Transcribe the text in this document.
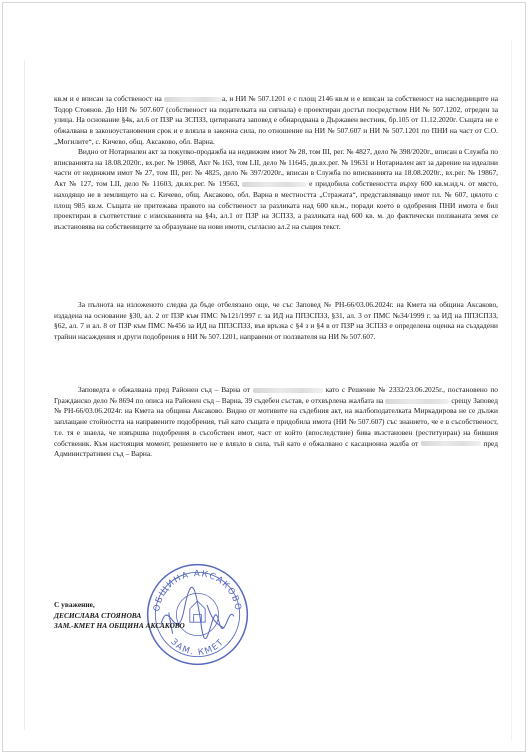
кв.м и е вписан за собственост на	а, и НИ № 507.1201 е с площ 2146 кв.м и е вписан за собственост на наследниците на Тодор Стоянов. До НИ № 507.607 (собственост на подателката на сигнала) е проектиран достъп посредством НИ № 507.1202, отреден за улица. На основание §4к, ал.6 от ПЗР на ЗСПЗЗ, цитираната заповед е обнародвана в Държавен вестник, бр.105 от 11.12.2020г. Същата не е обжалвана в законоустановения срок и е влязла в законна сила, по отношение на НИ № 507.607 и НИ № 507.1201 по ПНИ на част от С.О. „Могилите“, с. Кичево, общ. Аксаково, обл. Варна.

Видно от Нотариален акт за покупко-продажба на недвижим имот № 28, том III, рег. № 4827, дело № 398/2020г., вписан в Служба по вписванията на 18.08.2020г., вх.рег. № 19868, Акт № 163, том LII, дело № 11645, дв.вх.рег. № 19631 и Нотариален акт за дарение на идеални части от недвижим имот № 27, том III, рег. № 4825, дело № 397/2020г., вписан в Служба по вписванията на 18.08.2020г., вх.рег. № 19867, Акт № 127, том LII, дело № 11603, дв.вх.рег. № 19563,	е придобила собствеността върху 600 кв.м.ид.ч. от място, находящо не в землището на с. Кичево, общ. Аксаково, обл. Варна в местността „Стражата“, представляващо имот пл. № 607, цялото с площ 985 кв.м. Същата не притежава правото на собственост за разликата над 600 кв.м., поради което в одобрения ПНИ имота е бил проектиран в съответствие с изискванията на §4з, ал.1 от ПЗР на ЗСПЗЗ, а разликата над 600 кв. м. до фактически ползваната земя се възстановява на собствениците за образуване на нови имоти, съгласно ал.2 на същия текст.

За пълнота на изложеното следва да бъде отбелязано още, че със Заповед № РН-66/03.06.2024г. на Кмета на община Аксаково, издадена на основание §30, ал. 2 от ПЗР към ПМС №121/1997 г. за ИД на ППЗСПЗЗ, §31, ал. 3 от ПМС №34/1999 г. за ИД на ППЗСПЗЗ, §62, ал. 7 и ал. 8 от ПЗР към ПМС №456 за ИД на ППЗСПЗЗ, във връзка с §4 з и §4 в от ПЗР на ЗСПЗЗ е определена оценка на създадени трайни насаждения и други подобрения в НИ № 507.1201, направени от ползвателя на НИ № 507.607.

Заповедта е обжалвана пред Районен съд – Варна от	като с Решение № 2332/23.06.2025г., постановено по Гражданско дело № 8694 по описа на Районен съд – Варна, 39 съдебен състав, е отхвърлена жалбата на	срещу Заповед № РН-66/03.06.2024г. на Кмета на община Аксаково. Видно от мотивите на съдебния акт, на жалбоподателката Миркадирова не се дължи заплащане стойността на направените подобрения, тъй като същата е придобила имота (НИ № 507.607) със знанието, че е в съсобственост, т.е. тя е знаела, че извършва подобрения в съсобствен имот, част от който (впоследствие) бива възстановен (реституиран) на бившия собственик. Към настоящия момент, решението не е влязло в сила, тъй като е обжалвано с касационна жалба от	пред Административен съд – Варна.

ОБЩИНА АКСАКОВО
ЗАМ. КМЕТ
С уважение,
ДЕСИСЛАВА СТОЯНОВА
ЗАМ.-КМЕТ НА ОБЩИНА АКСАКОВО
